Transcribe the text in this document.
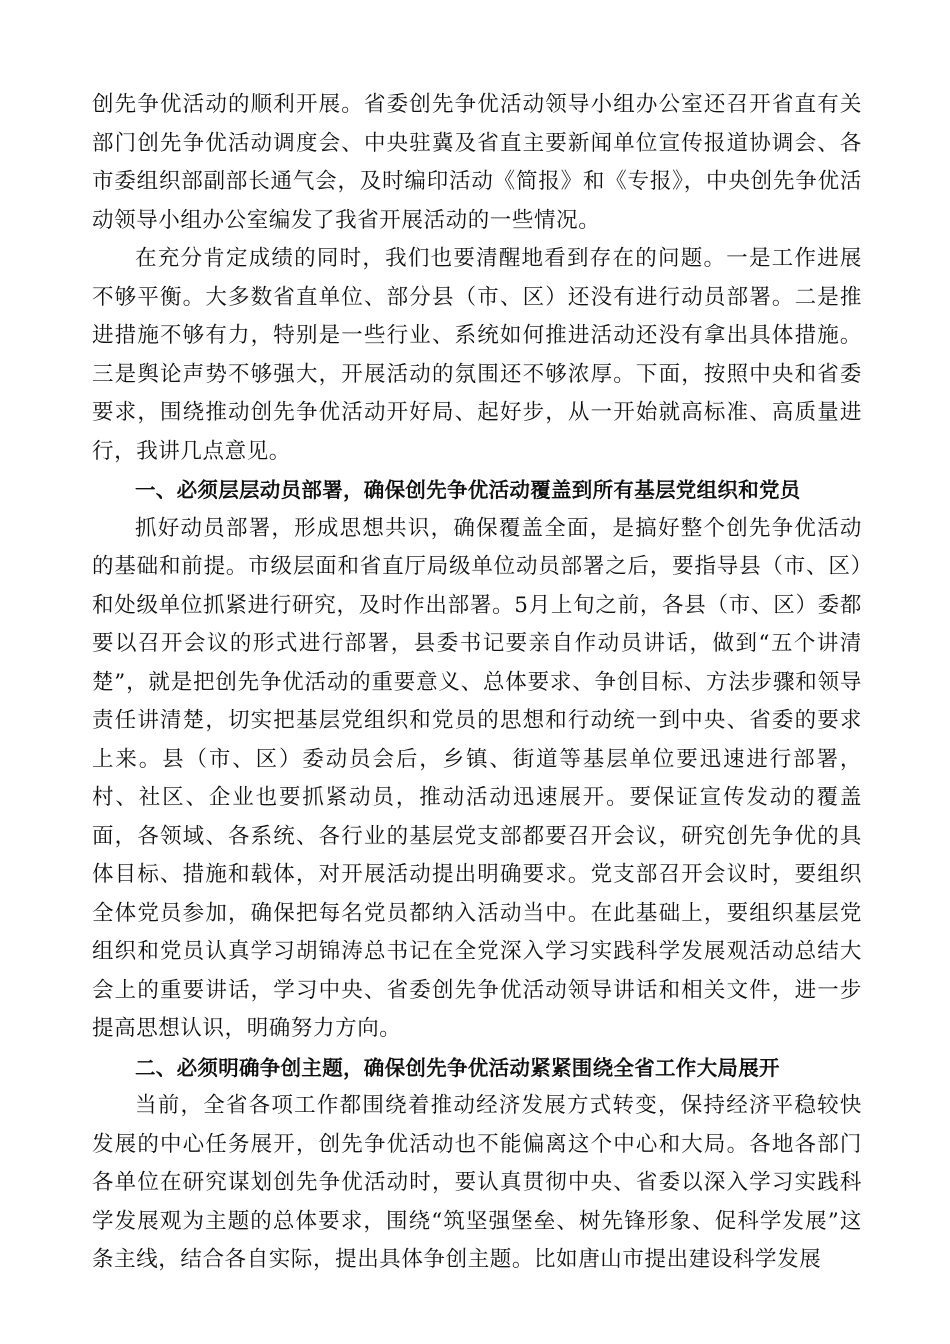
创先争优活动的顺利开展。省委创先争优活动领导小组办公室还召开省直有关部门创先争优活动调度会、中央驻冀及省直主要新闻单位宣传报道协调会、各市委组织部副部长通气会，及时编印活动《简报》和《专报》，中央创先争优活动领导小组办公室编发了我省开展活动的一些情况。

在充分肯定成绩的同时，我们也要清醒地看到存在的问题。一是工作进展不够平衡。大多数省直单位、部分县（市、区）还没有进行动员部署。二是推进措施不够有力，特别是一些行业、系统如何推进活动还没有拿出具体措施。三是舆论声势不够强大，开展活动的氛围还不够浓厚。下面，按照中央和省委要求，围绕推动创先争优活动开好局、起好步，从一开始就高标准、高质量进行，我讲几点意见。

一、必须层层动员部署，确保创先争优活动覆盖到所有基层党组织和党员

抓好动员部署，形成思想共识，确保覆盖全面，是搞好整个创先争优活动的基础和前提。市级层面和省直厅局级单位动员部署之后，要指导县（市、区）和处级单位抓紧进行研究，及时作出部署。5月上旬之前，各县（市、区）委都要以召开会议的形式进行部署，县委书记要亲自作动员讲话，做到“五个讲清楚”，就是把创先争优活动的重要意义、总体要求、争创目标、方法步骤和领导责任讲清楚，切实把基层党组织和党员的思想和行动统一到中央、省委的要求上来。县（市、区）委动员会后，乡镇、街道等基层单位要迅速进行部署，村、社区、企业也要抓紧动员，推动活动迅速展开。要保证宣传发动的覆盖面，各领域、各系统、各行业的基层党支部都要召开会议，研究创先争优的具体目标、措施和载体，对开展活动提出明确要求。党支部召开会议时，要组织全体党员参加，确保把每名党员都纳入活动当中。在此基础上，要组织基层党组织和党员认真学习胡锦涛总书记在全党深入学习实践科学发展观活动总结大会上的重要讲话，学习中央、省委创先争优活动领导讲话和相关文件，进一步提高思想认识，明确努力方向。

二、必须明确争创主题，确保创先争优活动紧紧围绕全省工作大局展开

当前，全省各项工作都围绕着推动经济发展方式转变，保持经济平稳较快发展的中心任务展开，创先争优活动也不能偏离这个中心和大局。各地各部门各单位在研究谋划创先争优活动时，要认真贯彻中央、省委以深入学习实践科学发展观为主题的总体要求，围绕“筑坚强堡垒、树先锋形象、促科学发展”这条主线，结合各自实际，提出具体争创主题。比如唐山市提出建设科学发展
